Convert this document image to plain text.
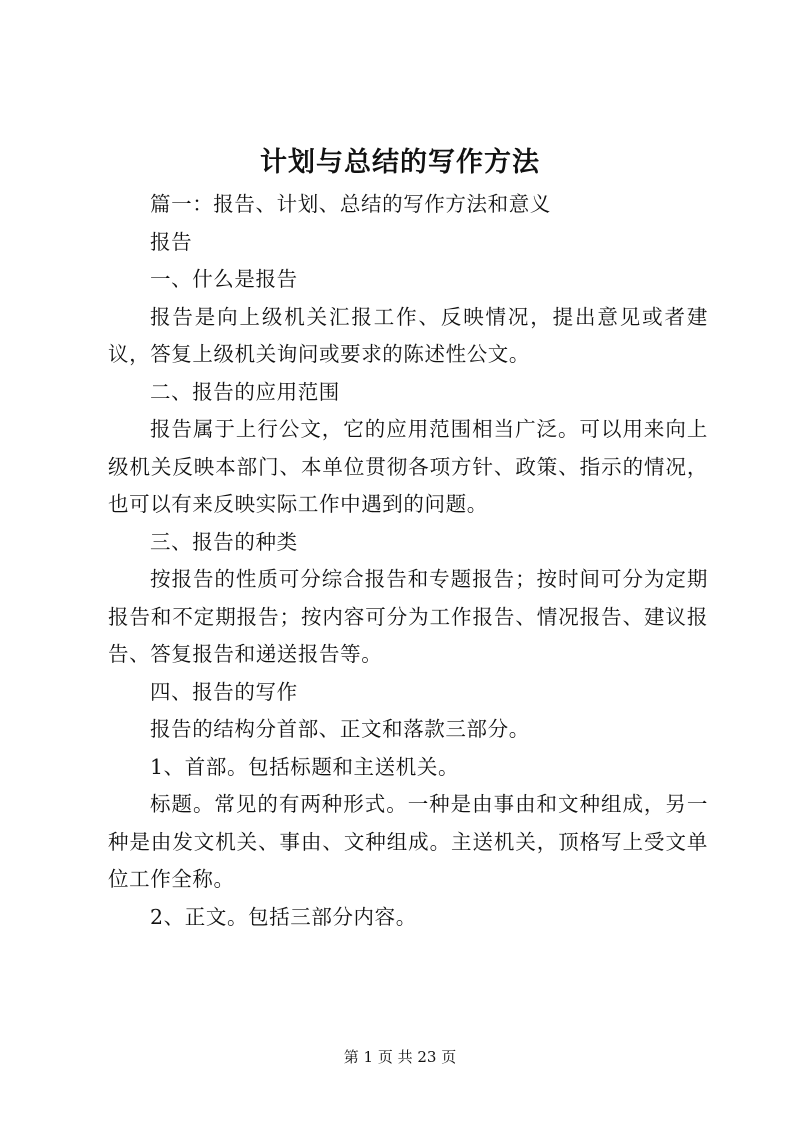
计划与总结的写作方法

篇一：报告、计划、总结的写作方法和意义

报告

一、什么是报告

报告是向上级机关汇报工作、反映情况，提出意见或者建议，答复上级机关询问或要求的陈述性公文。

二、报告的应用范围

报告属于上行公文，它的应用范围相当广泛。可以用来向上级机关反映本部门、本单位贯彻各项方针、政策、指示的情况，也可以有来反映实际工作中遇到的问题。

三、报告的种类

按报告的性质可分综合报告和专题报告；按时间可分为定期报告和不定期报告；按内容可分为工作报告、情况报告、建议报告、答复报告和递送报告等。

四、报告的写作

报告的结构分首部、正文和落款三部分。

1、首部。包括标题和主送机关。

标题。常见的有两种形式。一种是由事由和文种组成，另一种是由发文机关、事由、文种组成。主送机关，顶格写上受文单位工作全称。

2、正文。包括三部分内容。

第 1 页 共 23 页
